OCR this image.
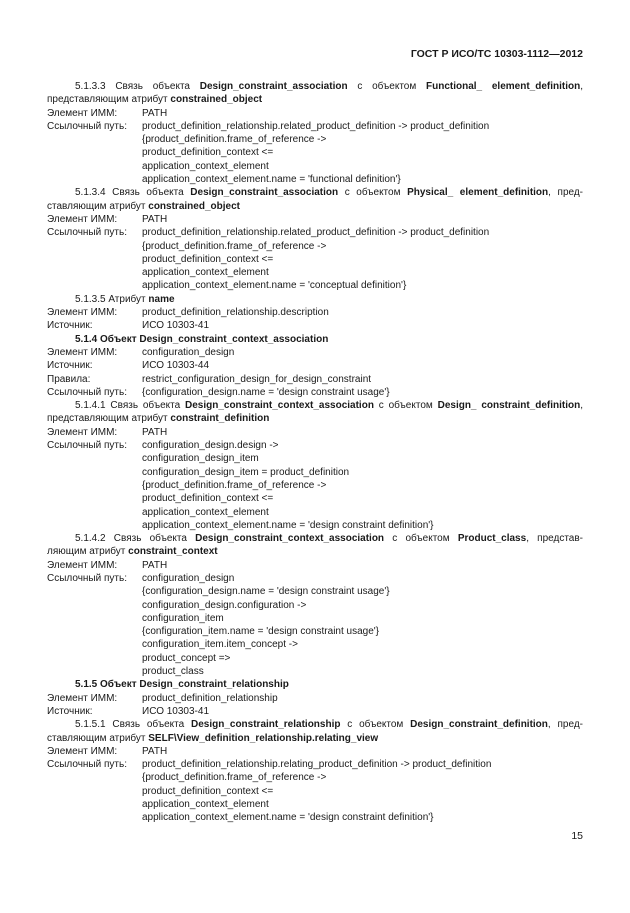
ГОСТ Р ИСО/ТС 10303-1112—2012
5.1.3.3 Связь объекта Design_constraint_association с объектом Functional_ element_definition,
представляющим атрибут constrained_object
Элемент ИММ:	PATH
Ссылочный путь:	product_definition_relationship.related_product_definition -> product_definition
{product_definition.frame_of_reference ->
product_definition_context <=
application_context_element
application_context_element.name = 'functional definition'}
5.1.3.4 Связь объекта Design_constraint_association с объектом Physical_ element_definition, пред-
ставляющим атрибут constrained_object
Элемент ИММ:	PATH
Ссылочный путь:	product_definition_relationship.related_product_definition -> product_definition
{product_definition.frame_of_reference ->
product_definition_context <=
application_context_element
application_context_element.name = 'conceptual definition'}
5.1.3.5 Атрибут name
Элемент ИММ:	product_definition_relationship.description
Источник:	ИСО 10303-41
5.1.4 Объект Design_constraint_context_association
Элемент ИММ:	configuration_design
Источник:	ИСО 10303-44
Правила:	restrict_configuration_design_for_design_constraint
Ссылочный путь:	{configuration_design.name = 'design constraint usage'}
5.1.4.1 Связь объекта Design_constraint_context_association с объектом Design_ constraint_definition,
представляющим атрибут constraint_definition
Элемент ИММ:	PATH
Ссылочный путь:	configuration_design.design ->
configuration_design_item
configuration_design_item = product_definition
{product_definition.frame_of_reference ->
product_definition_context <=
application_context_element
application_context_element.name = 'design constraint definition'}
5.1.4.2 Связь объекта Design_constraint_context_association с объектом Product_class, представ-
ляющим атрибут constraint_context
Элемент ИММ:	PATH
Ссылочный путь:	configuration_design
{configuration_design.name = 'design constraint usage'}
configuration_design.configuration ->
configuration_item
{configuration_item.name = 'design constraint usage'}
configuration_item.item_concept ->
product_concept =>
product_class
5.1.5 Объект Design_constraint_relationship
Элемент ИММ:	product_definition_relationship
Источник:	ИСО 10303-41
5.1.5.1 Связь объекта Design_constraint_relationship с объектом Design_constraint_definition, пред-
ставляющим атрибут SELF\View_definition_relationship.relating_view
Элемент ИММ:	PATH
Ссылочный путь:	product_definition_relationship.relating_product_definition -> product_definition
{product_definition.frame_of_reference ->
product_definition_context <=
application_context_element
application_context_element.name = 'design constraint definition'}
15
